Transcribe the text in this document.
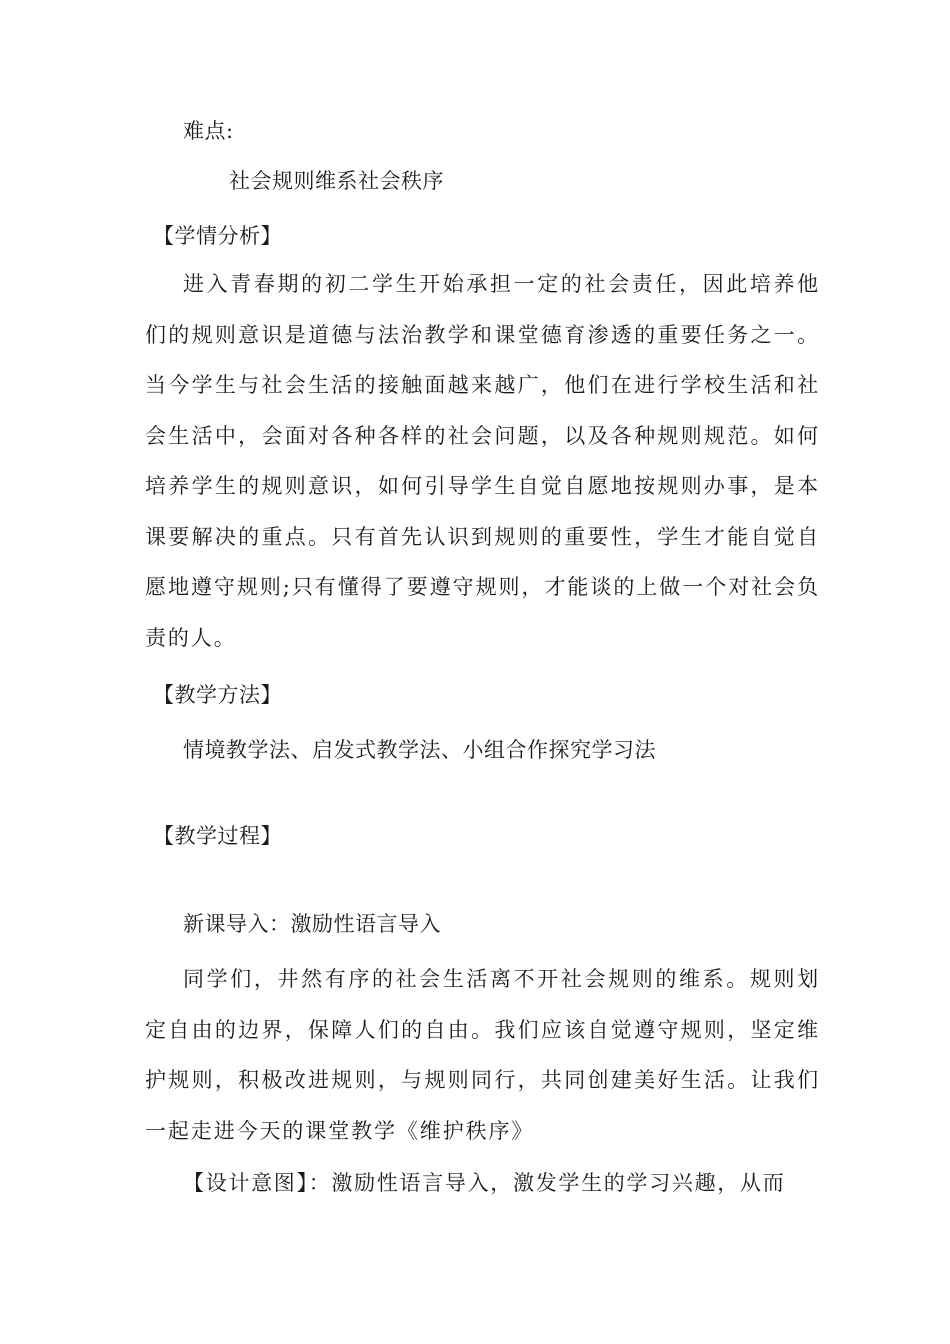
难点:
社会规则维系社会秩序
【学情分析】
进入青春期的初二学生开始承担一定的社会责任，因此培养他们的规则意识是道德与法治教学和课堂德育渗透的重要任务之一。当今学生与社会生活的接触面越来越广，他们在进行学校生活和社会生活中，会面对各种各样的社会问题，以及各种规则规范。如何培养学生的规则意识，如何引导学生自觉自愿地按规则办事，是本课要解决的重点。只有首先认识到规则的重要性，学生才能自觉自愿地遵守规则;只有懂得了要遵守规则，才能谈的上做一个对社会负责的人。
【教学方法】
情境教学法、启发式教学法、小组合作探究学习法
【教学过程】
新课导入：激励性语言导入
同学们，井然有序的社会生活离不开社会规则的维系。规则划定自由的边界，保障人们的自由。我们应该自觉遵守规则，坚定维护规则，积极改进规则，与规则同行，共同创建美好生活。让我们一起走进今天的课堂教学《维护秩序》
【设计意图】：激励性语言导入，激发学生的学习兴趣，从而
